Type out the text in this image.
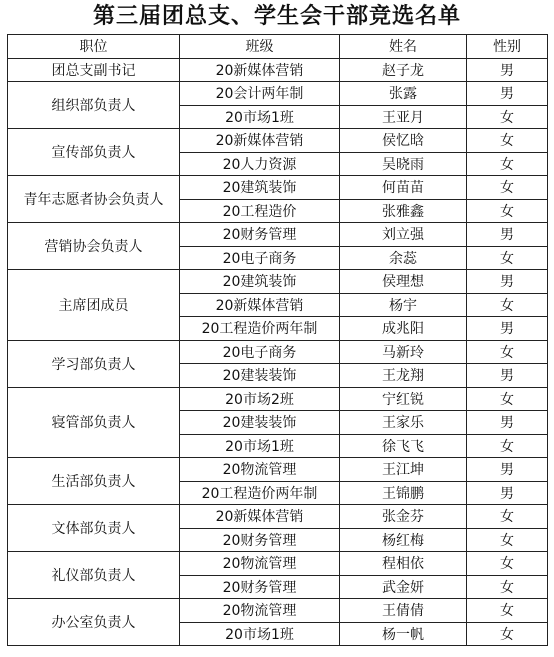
第三届团总支、学生会干部竞选名单
职位	班级	姓名	性别
团总支副书记	20新媒体营销	赵子龙	男
组织部负责人	20会计两年制	张露	男
	20市场1班	王亚月	女
宣传部负责人	20新媒体营销	侯忆晗	女
	20人力资源	吴晓雨	女
青年志愿者协会负责人	20建筑装饰	何苗苗	女
	20工程造价	张雅鑫	女
营销协会负责人	20财务管理	刘立强	男
	20电子商务	余蕊	女
主席团成员	20建筑装饰	侯理想	男
	20新媒体营销	杨宇	女
	20工程造价两年制	成兆阳	男
学习部负责人	20电子商务	马新玲	女
	20建装装饰	王龙翔	男
寝管部负责人	20市场2班	宁红锐	女
	20建装装饰	王家乐	男
	20市场1班	徐飞飞	女
生活部负责人	20物流管理	王江坤	男
	20工程造价两年制	王锦鹏	男
文体部负责人	20新媒体营销	张金芬	女
	20财务管理	杨红梅	女
礼仪部负责人	20物流管理	程相依	女
	20财务管理	武金妍	女
办公室负责人	20物流管理	王倩倩	女
	20市场1班	杨一帆	女
